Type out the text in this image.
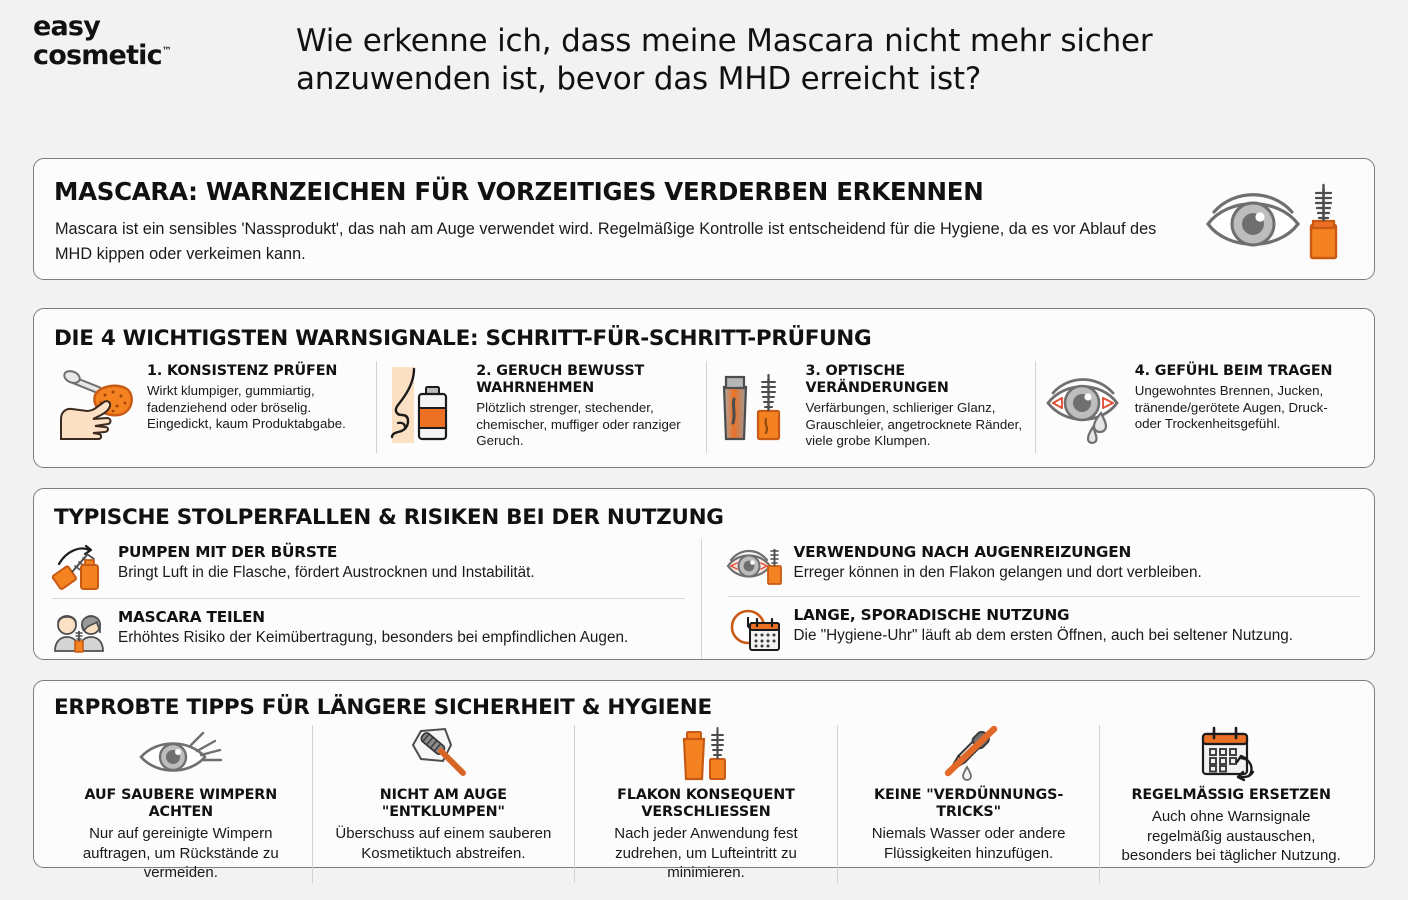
easy
cosmetic™	Wie erkenne ich, dass meine Mascara nicht mehr sicher anzuwenden ist, bevor das MHD erreicht ist?
MASCARA: WARNZEICHEN FÜR VORZEITIGES VERDERBEN ERKENNEN
Mascara ist ein sensibles 'Nassprodukt', das nah am Auge verwendet wird. Regelmäßige Kontrolle ist entscheidend für die Hygiene, da es vor Ablauf des MHD kippen oder verkeimen kann.
DIE 4 WICHTIGSTEN WARNSIGNALE: SCHRITT-FÜR-SCHRITT-PRÜFUNG
1. KONSISTENZ PRÜFEN
Wirkt klumpiger, gummiartig, fadenziehend oder bröselig. Eingedickt, kaum Produktabgabe.
2. GERUCH BEWUSST WAHRNEHMEN
Plötzlich strenger, stechender, chemischer, muffiger oder ranziger Geruch.
3. OPTISCHE VERÄNDERUNGEN
Verfärbungen, schlieriger Glanz, Grauschleier, angetrocknete Ränder, viele grobe Klumpen.
4. GEFÜHL BEIM TRAGEN
Ungewohntes Brennen, Jucken, tränende/gerötete Augen, Druck- oder Trockenheitsgefühl.
TYPISCHE STOLPERFALLEN & RISIKEN BEI DER NUTZUNG
PUMPEN MIT DER BÜRSTE
Bringt Luft in die Flasche, fördert Austrocknen und Instabilität.
MASCARA TEILEN
Erhöhtes Risiko der Keimübertragung, besonders bei empfindlichen Augen.
VERWENDUNG NACH AUGENREIZUNGEN
Erreger können in den Flakon gelangen und dort verbleiben.
LANGE, SPORADISCHE NUTZUNG
Die "Hygiene-Uhr" läuft ab dem ersten Öffnen, auch bei seltener Nutzung.
ERPROBTE TIPPS FÜR LÄNGERE SICHERHEIT & HYGIENE
AUF SAUBERE WIMPERN ACHTEN
Nur auf gereinigte Wimpern auftragen, um Rückstände zu vermeiden.
NICHT AM AUGE "ENTKLUMPEN"
Überschuss auf einem sauberen Kosmetiktuch abstreifen.
FLAKON KONSEQUENT VERSCHLIESSEN
Nach jeder Anwendung fest zudrehen, um Lufteintritt zu minimieren.
KEINE "VERDÜNNUNGS-TRICKS"
Niemals Wasser oder andere Flüssigkeiten hinzufügen.
REGELMÄSSIG ERSETZEN
Auch ohne Warnsignale regelmäßig austauschen, besonders bei täglicher Nutzung.
